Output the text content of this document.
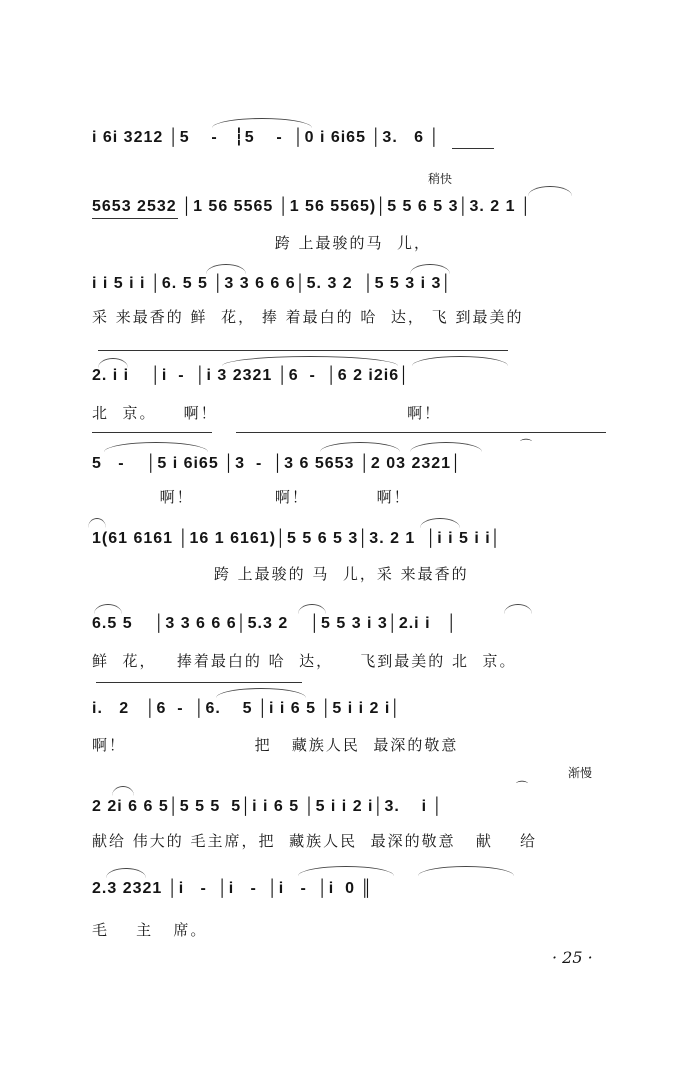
i 6i 3212 │5    -   ┆5    -  │0 i 6i65 │3.   6 │
稍快
5653 2532 │1 56 5565 │1 56 5565)│5 5 6 5 3│3. 2 1 │
跨 上最骏的马  儿，
i i 5 i i │6. 5 5 │3 3 6 6 6│5. 3 2  │5 5 3 i 3│
采 来最香的 鲜  花， 捧 着最白的 哈  达， 飞 到最美的
2. i i    │i  -  │i 3 2321 │6  -  │6 2 i2i6│
北  京。    啊！                            啊！
5   -    │5 i 6i65 │3  -  │3 6 5653 │2 03 2321│
啊！            啊！          啊！
⌒
1(61 6161 │16 1 6161)│5 5 6 5 3│3. 2 1  │i i 5 i i│
跨 上最骏的 马  儿，采 来最香的
6.5 5    │3 3 6 6 6│5.3 2    │5 5 3 i 3│2.i i   │
鲜  花，   捧着最白的 哈  达，    飞到最美的 北  京。
i.   2   │6  -  │6.    5 │i i 6 5 │5 i i 2 i│
啊！                   把   藏族人民  最深的敬意
渐慢
2 2i 6 6 5│5 5 5  5│i i 6 5 │5 i i 2 i│3.    i │
献给 伟大的 毛主席，把  藏族人民  最深的敬意   献    给
⌒
2.3 2321 │i   -  │i   -  │i   -  │i  0 ║
毛    主   席。
· 25 ·
